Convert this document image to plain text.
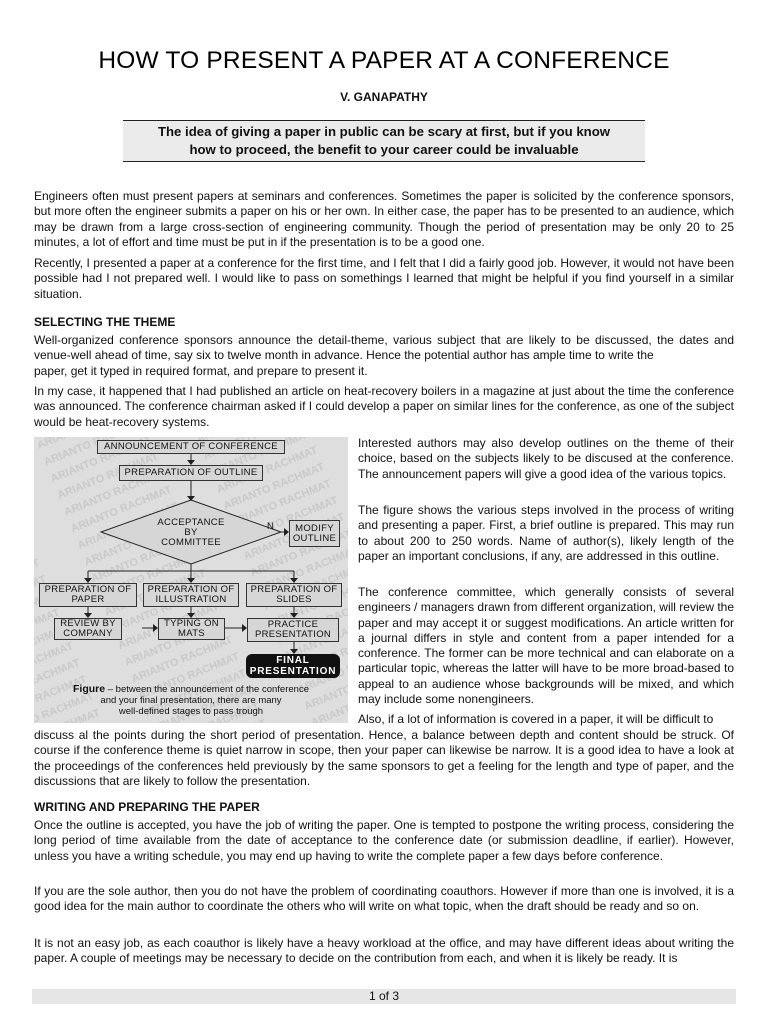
HOW TO PRESENT A PAPER AT A CONFERENCE
V. GANAPATHY
The idea of giving a paper in public can be scary at first, but if you know
how to proceed, the benefit to your career could be invaluable

Engineers often must present papers at seminars and conferences. Sometimes the paper is solicited by the conference sponsors, but more often the engineer submits a paper on his or her own. In either case, the paper has to be presented to an audience, which may be drawn from a large cross-section of engineering community. Though the period of presentation may be only 20 to 25 minutes, a lot of effort and time must be put in if the presentation is to be a good one.

Recently, I presented a paper at a conference for the first time, and I felt that I did a fairly good job. However, it would not have been possible had I not prepared well. I would like to pass on somethings I learned that might be helpful if you find yourself in a similar situation.

SELECTING THE THEME

Well-organized conference sponsors announce the detail-theme, various subject that are likely to be discussed, the dates and venue-well ahead of time, say six to twelve month in advance. Hence the potential author has ample time to write the
paper, get it typed in required format, and prepare to present it.

In my case, it happened that I had published an article on heat-recovery boilers in a magazine at just about the time the conference was announced. The conference chairman asked if I could develop a paper on similar lines for the conference, as one of the subject would be heat-recovery systems.

ANNOUNCEMENT OF CONFERENCE
PREPARATION OF OUTLINE
ACCEPTANCE
BY
COMMITTEE
N MODIFY
OUTLINE
PREPARATION OF
PAPER
PREPARATION OF
ILLUSTRATION
PREPARATION OF
SLIDES
REVIEW BY
COMPANY
TYPING ON
MATS
PRACTICE
PRESENTATION
FINAL
PRESENTATION
Figure – between the announcement of the conference
and your final presentation, there are many
well-defined stages to pass trough

Interested authors may also develop outlines on the theme of their choice, based on the subjects likely to be discused at the conference. The announcement papers will give a good idea of the various topics.

The figure shows the various steps involved in the process of writing and presenting a paper. First, a brief outline is prepared. This may run to about 200 to 250 words. Name of author(s), likely length of the paper an important conclusions, if any, are addressed in this outline.

The conference committee, which generally consists of several engineers / managers drawn from different organization, will review the paper and may accept it or suggest modifications. An article written for a journal differs in style and content from a paper intended for a conference. The former can be more technical and can elaborate on a particular topic, whereas the latter will have to be more broad-based to appeal to an audience whose backgrounds will be mixed, and which may include some nonengineers.

Also, if a lot of information is covered in a paper, it will be difficult to

discuss al the points during the short period of presentation. Hence, a balance between depth and content should be struck. Of course if the conference theme is quiet narrow in scope, then your paper can likewise be narrow. It is a good idea to have a look at the proceedings of the conferences held previously by the same sponsors to get a feeling for the length and type of paper, and the discussions that are likely to follow the presentation.

WRITING AND PREPARING THE PAPER

Once the outline is accepted, you have the job of writing the paper. One is tempted to postpone the writing process, considering the long period of time available from the date of acceptance to the conference date (or submission deadline, if earlier). However, unless you have a writing schedule, you may end up having to write the complete paper a few days before conference.

If you are the sole author, then you do not have the problem of coordinating coauthors. However if more than one is involved, it is a good idea for the main author to coordinate the others who will write on what topic, when the draft should be ready and so on.

It is not an easy job, as each coauthor is likely have a heavy workload at the office, and may have different ideas about writing the paper. A couple of meetings may be necessary to decide on the contribution from each, and when it is likely be ready. It is

1 of 3
